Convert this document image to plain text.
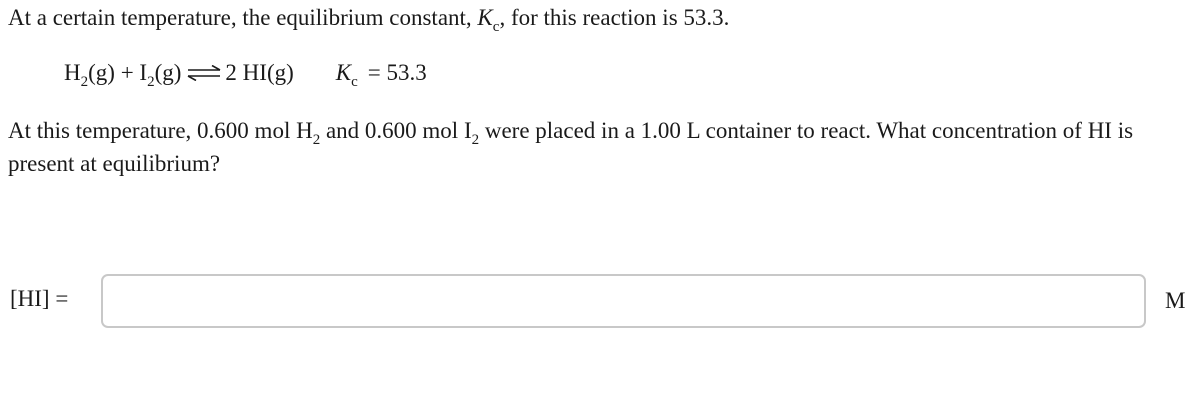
At a certain temperature, the equilibrium constant, $K_c$, for this reaction is 53.3.
$H_2(g) + I_2(g)$ ⇌ 2 HI(g) $K_c = 53.3$
At this temperature, 0.600 mol $H_2$ and 0.600 mol $I_2$ were placed in a 1.00 L container to react. What concentration of HI is
present at equilibrium?
[HI] =	M
